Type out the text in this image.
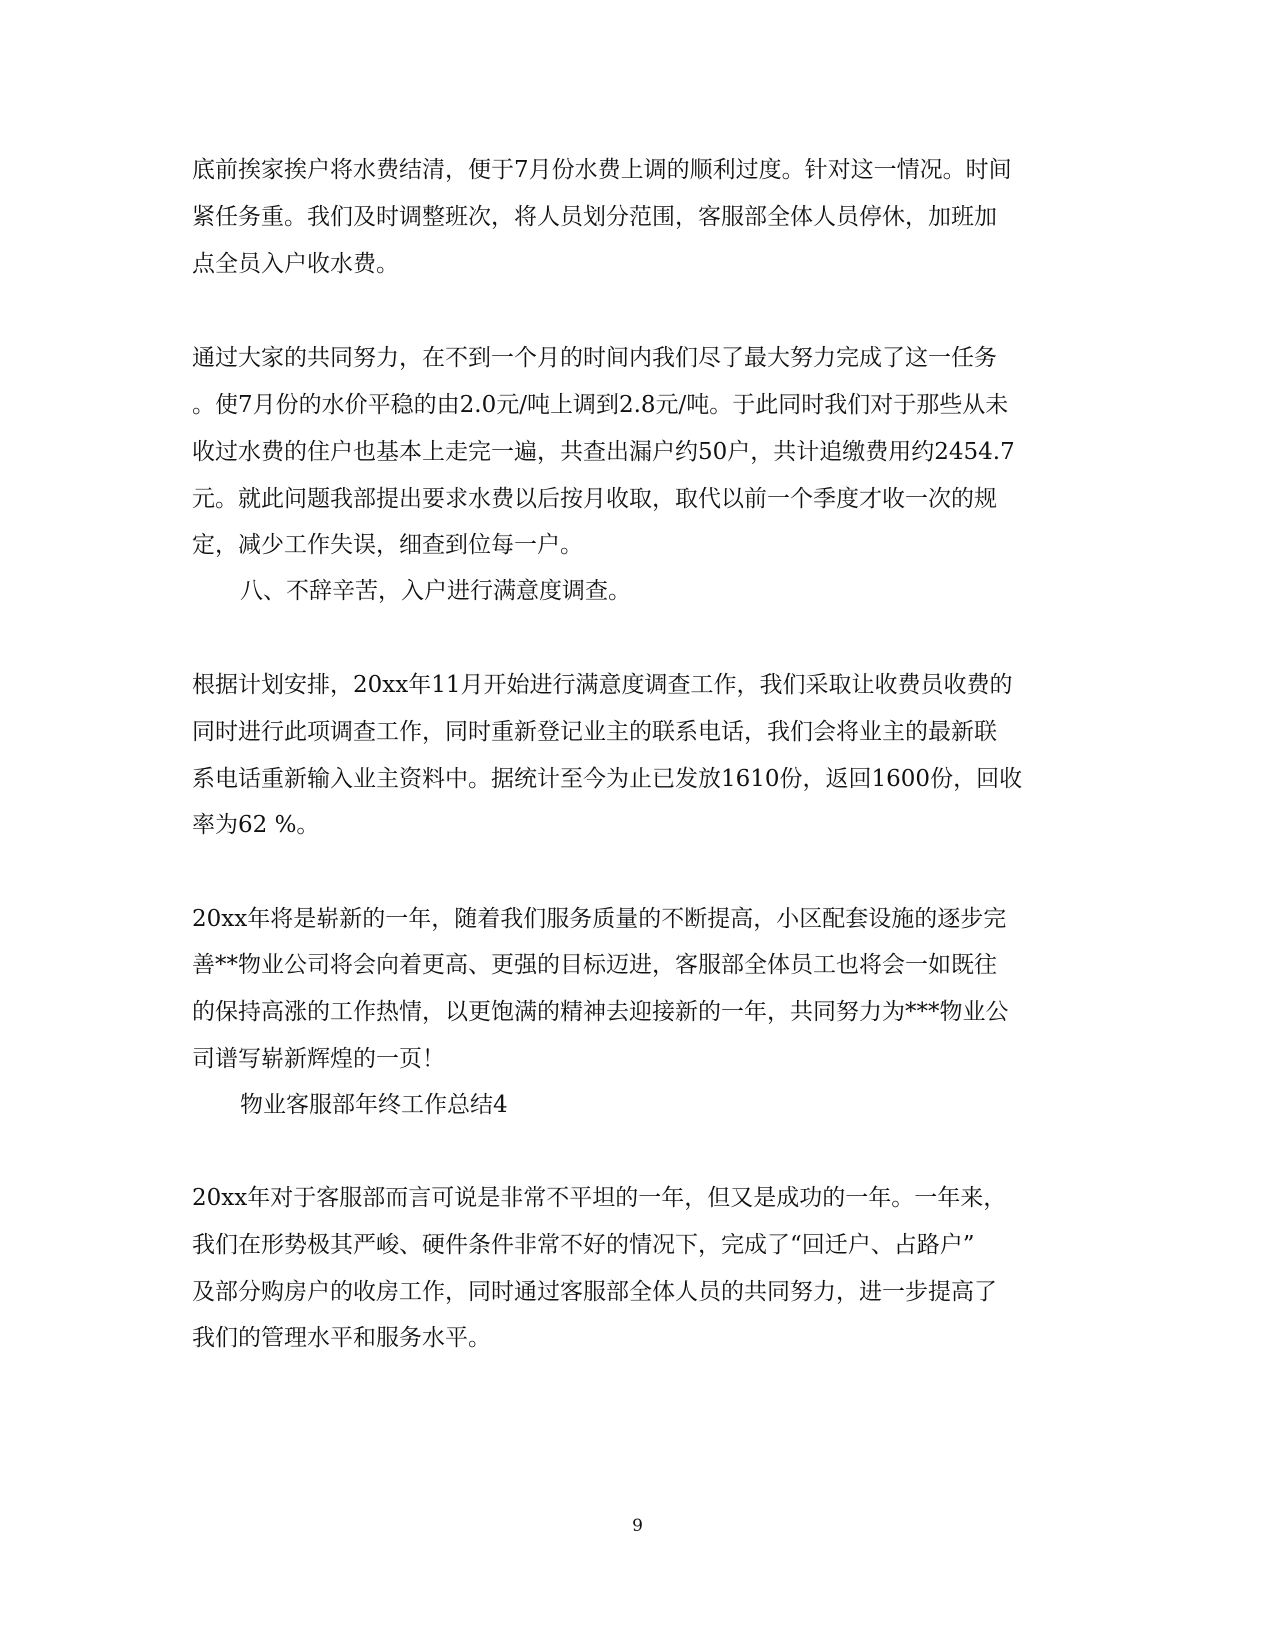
底前挨家挨户将水费结清，便于7月份水费上调的顺利过度。针对这一情况。时间
紧任务重。我们及时调整班次，将人员划分范围，客服部全体人员停休，加班加
点全员入户收水费。
通过大家的共同努力，在不到一个月的时间内我们尽了最大努力完成了这一任务
。使7月份的水价平稳的由2.0元/吨上调到2.8元/吨。于此同时我们对于那些从未
收过水费的住户也基本上走完一遍，共查出漏户约50户，共计追缴费用约2454.7
元。就此问题我部提出要求水费以后按月收取，取代以前一个季度才收一次的规
定，减少工作失误，细查到位每一户。
八、不辞辛苦，入户进行满意度调查。
根据计划安排，20xx年11月开始进行满意度调查工作，我们采取让收费员收费的
同时进行此项调查工作，同时重新登记业主的联系电话，我们会将业主的最新联
系电话重新输入业主资料中。据统计至今为止已发放1610份，返回1600份，回收
率为62 %。
20xx年将是崭新的一年，随着我们服务质量的不断提高，小区配套设施的逐步完
善**物业公司将会向着更高、更强的目标迈进，客服部全体员工也将会一如既往
的保持高涨的工作热情，以更饱满的精神去迎接新的一年，共同努力为***物业公
司谱写崭新辉煌的一页！
物业客服部年终工作总结4
20xx年对于客服部而言可说是非常不平坦的一年，但又是成功的一年。一年来，
我们在形势极其严峻、硬件条件非常不好的情况下，完成了“回迁户、占路户”
及部分购房户的收房工作，同时通过客服部全体人员的共同努力，进一步提高了
我们的管理水平和服务水平。
9
